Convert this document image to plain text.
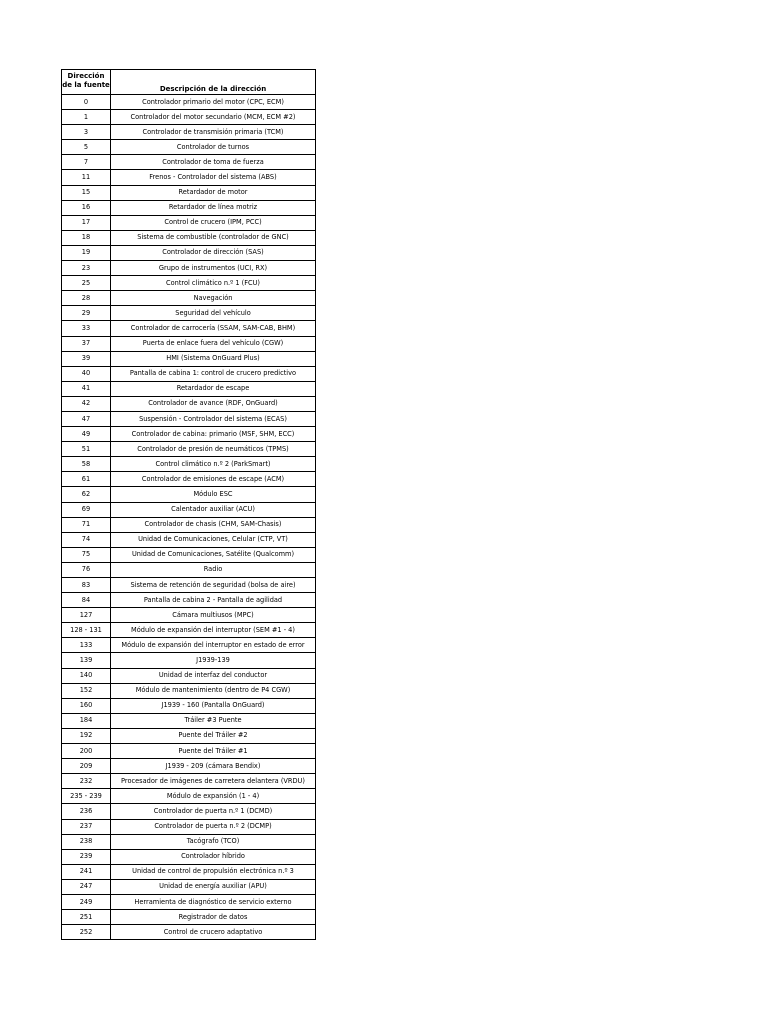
Dirección de la fuente	Descripción de la dirección
0	Controlador primario del motor (CPC, ECM)
1	Controlador del motor secundario (MCM, ECM #2)
3	Controlador de transmisión primaria (TCM)
5	Controlador de turnos
7	Controlador de toma de fuerza
11	Frenos - Controlador del sistema (ABS)
15	Retardador de motor
16	Retardador de línea motriz
17	Control de crucero (IPM, PCC)
18	Sistema de combustible (controlador de GNC)
19	Controlador de dirección (SAS)
23	Grupo de instrumentos (UCI, RX)
25	Control climático n.º 1 (FCU)
28	Navegación
29	Seguridad del vehículo
33	Controlador de carrocería (SSAM, SAM-CAB, BHM)
37	Puerta de enlace fuera del vehículo (CGW)
39	HMI (Sistema OnGuard Plus)
40	Pantalla de cabina 1: control de crucero predictivo
41	Retardador de escape
42	Controlador de avance (RDF, OnGuard)
47	Suspensión - Controlador del sistema (ECAS)
49	Controlador de cabina: primario (MSF, SHM, ECC)
51	Controlador de presión de neumáticos (TPMS)
58	Control climático n.º 2 (ParkSmart)
61	Controlador de emisiones de escape (ACM)
62	Módulo ESC
69	Calentador auxiliar (ACU)
71	Controlador de chasis (CHM, SAM-Chasis)
74	Unidad de Comunicaciones, Celular (CTP, VT)
75	Unidad de Comunicaciones, Satélite (Qualcomm)
76	Radio
83	Sistema de retención de seguridad (bolsa de aire)
84	Pantalla de cabina 2 - Pantalla de agilidad
127	Cámara multiusos (MPC)
128 - 131	Módulo de expansión del interruptor (SEM #1 - 4)
133	Módulo de expansión del interruptor en estado de error
139	J1939-139
140	Unidad de interfaz del conductor
152	Módulo de mantenimiento (dentro de P4 CGW)
160	J1939 - 160 (Pantalla OnGuard)
184	Tráiler #3 Puente
192	Puente del Tráiler #2
200	Puente del Tráiler #1
209	J1939 - 209 (cámara Bendix)
232	Procesador de imágenes de carretera delantera (VRDU)
235 - 239	Módulo de expansión (1 - 4)
236	Controlador de puerta n.º 1 (DCMD)
237	Controlador de puerta n.º 2 (DCMP)
238	Tacógrafo (TCO)
239	Controlador híbrido
241	Unidad de control de propulsión electrónica n.º 3
247	Unidad de energía auxiliar (APU)
249	Herramienta de diagnóstico de servicio externo
251	Registrador de datos
252	Control de crucero adaptativo
